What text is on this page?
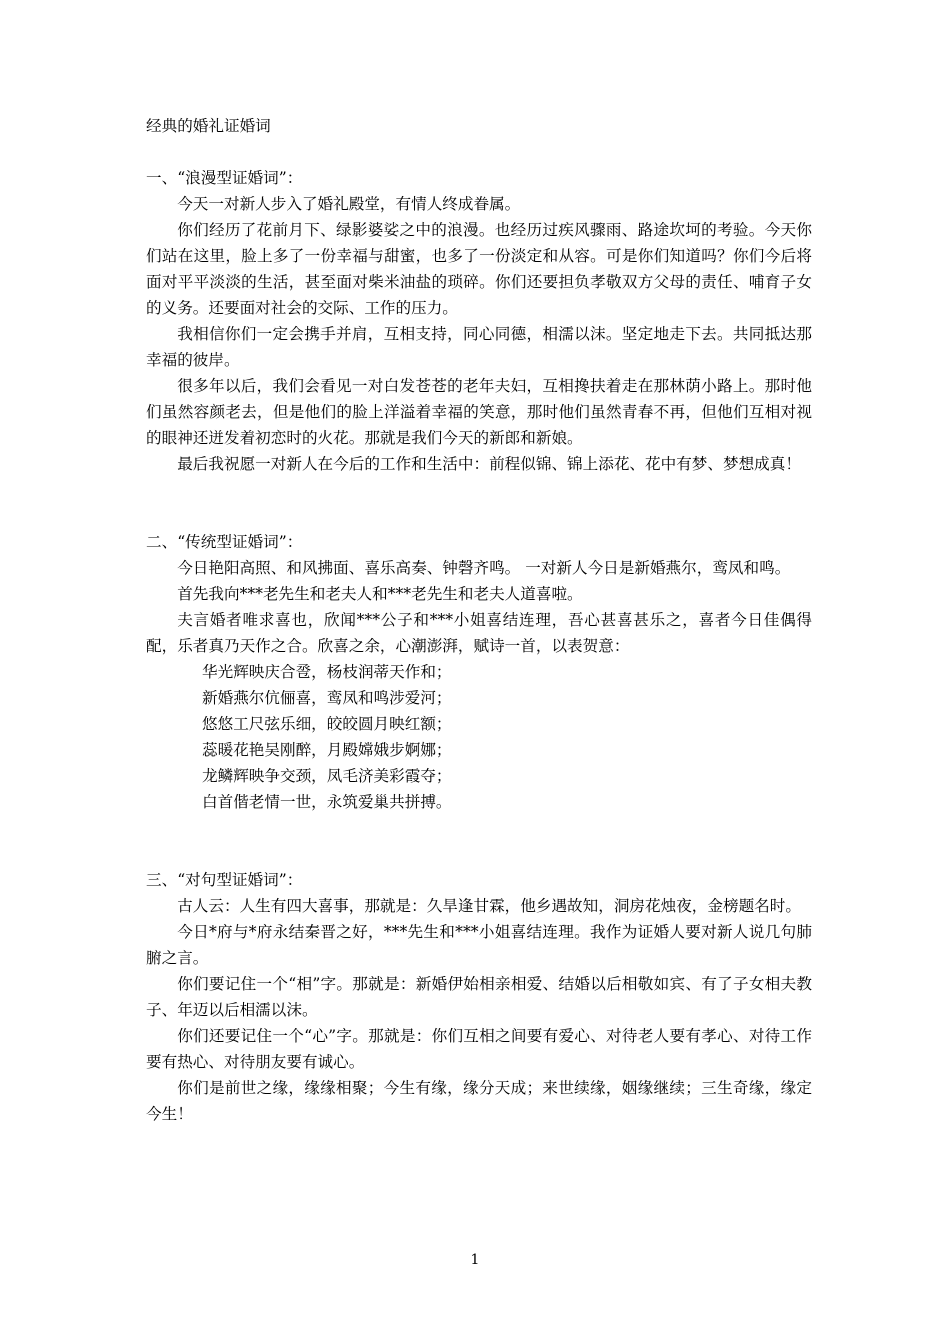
经典的婚礼证婚词
一、“浪漫型证婚词”：

今天一对新人步入了婚礼殿堂，有情人终成眷属。

你们经历了花前月下、绿影婆娑之中的浪漫。也经历过疾风骤雨、路途坎坷的考验。今天你们站在这里，脸上多了一份幸福与甜蜜，也多了一份淡定和从容。可是你们知道吗？你们今后将面对平平淡淡的生活，甚至面对柴米油盐的琐碎。你们还要担负孝敬双方父母的责任、哺育子女的义务。还要面对社会的交际、工作的压力。

我相信你们一定会携手并肩，互相支持，同心同德，相濡以沫。坚定地走下去。共同抵达那幸福的彼岸。

很多年以后，我们会看见一对白发苍苍的老年夫妇，互相搀扶着走在那林荫小路上。那时他们虽然容颜老去，但是他们的脸上洋溢着幸福的笑意，那时他们虽然青春不再，但他们互相对视的眼神还迸发着初恋时的火花。那就是我们今天的新郎和新娘。

最后我祝愿一对新人在今后的工作和生活中：前程似锦、锦上添花、花中有梦、梦想成真！

二、“传统型证婚词”：

今日艳阳高照、和风拂面、喜乐高奏、钟磬齐鸣。 一对新人今日是新婚燕尔，鸾凤和鸣。

首先我向***老先生和老夫人和***老先生和老夫人道喜啦。

夫言婚者唯求喜也，欣闻***公子和***小姐喜结连理，吾心甚喜甚乐之，喜者今日佳偶得配，乐者真乃天作之合。欣喜之余，心潮澎湃，赋诗一首，以表贺意：

华光辉映庆合卺，杨枝润蒂天作和；

新婚燕尔伉俪喜，鸾凤和鸣涉爱河；

悠悠工尺弦乐细，皎皎圆月映红额；

蕊暖花艳吴刚醉，月殿嫦娥步婀娜；

龙鳞辉映争交颈，凤毛济美彩霞夺；

白首偕老情一世，永筑爱巢共拼搏。

三、“对句型证婚词”：

古人云：人生有四大喜事，那就是：久旱逢甘霖，他乡遇故知，洞房花烛夜，金榜题名时。

今日*府与*府永结秦晋之好，***先生和***小姐喜结连理。我作为证婚人要对新人说几句肺腑之言。

你们要记住一个“相”字。那就是：新婚伊始相亲相爱、结婚以后相敬如宾、有了子女相夫教子、年迈以后相濡以沫。

你们还要记住一个“心”字。那就是：你们互相之间要有爱心、对待老人要有孝心、对待工作要有热心、对待朋友要有诚心。

你们是前世之缘，缘缘相聚；今生有缘，缘分天成；来世续缘，姻缘继续；三生奇缘，缘定今生！

1
